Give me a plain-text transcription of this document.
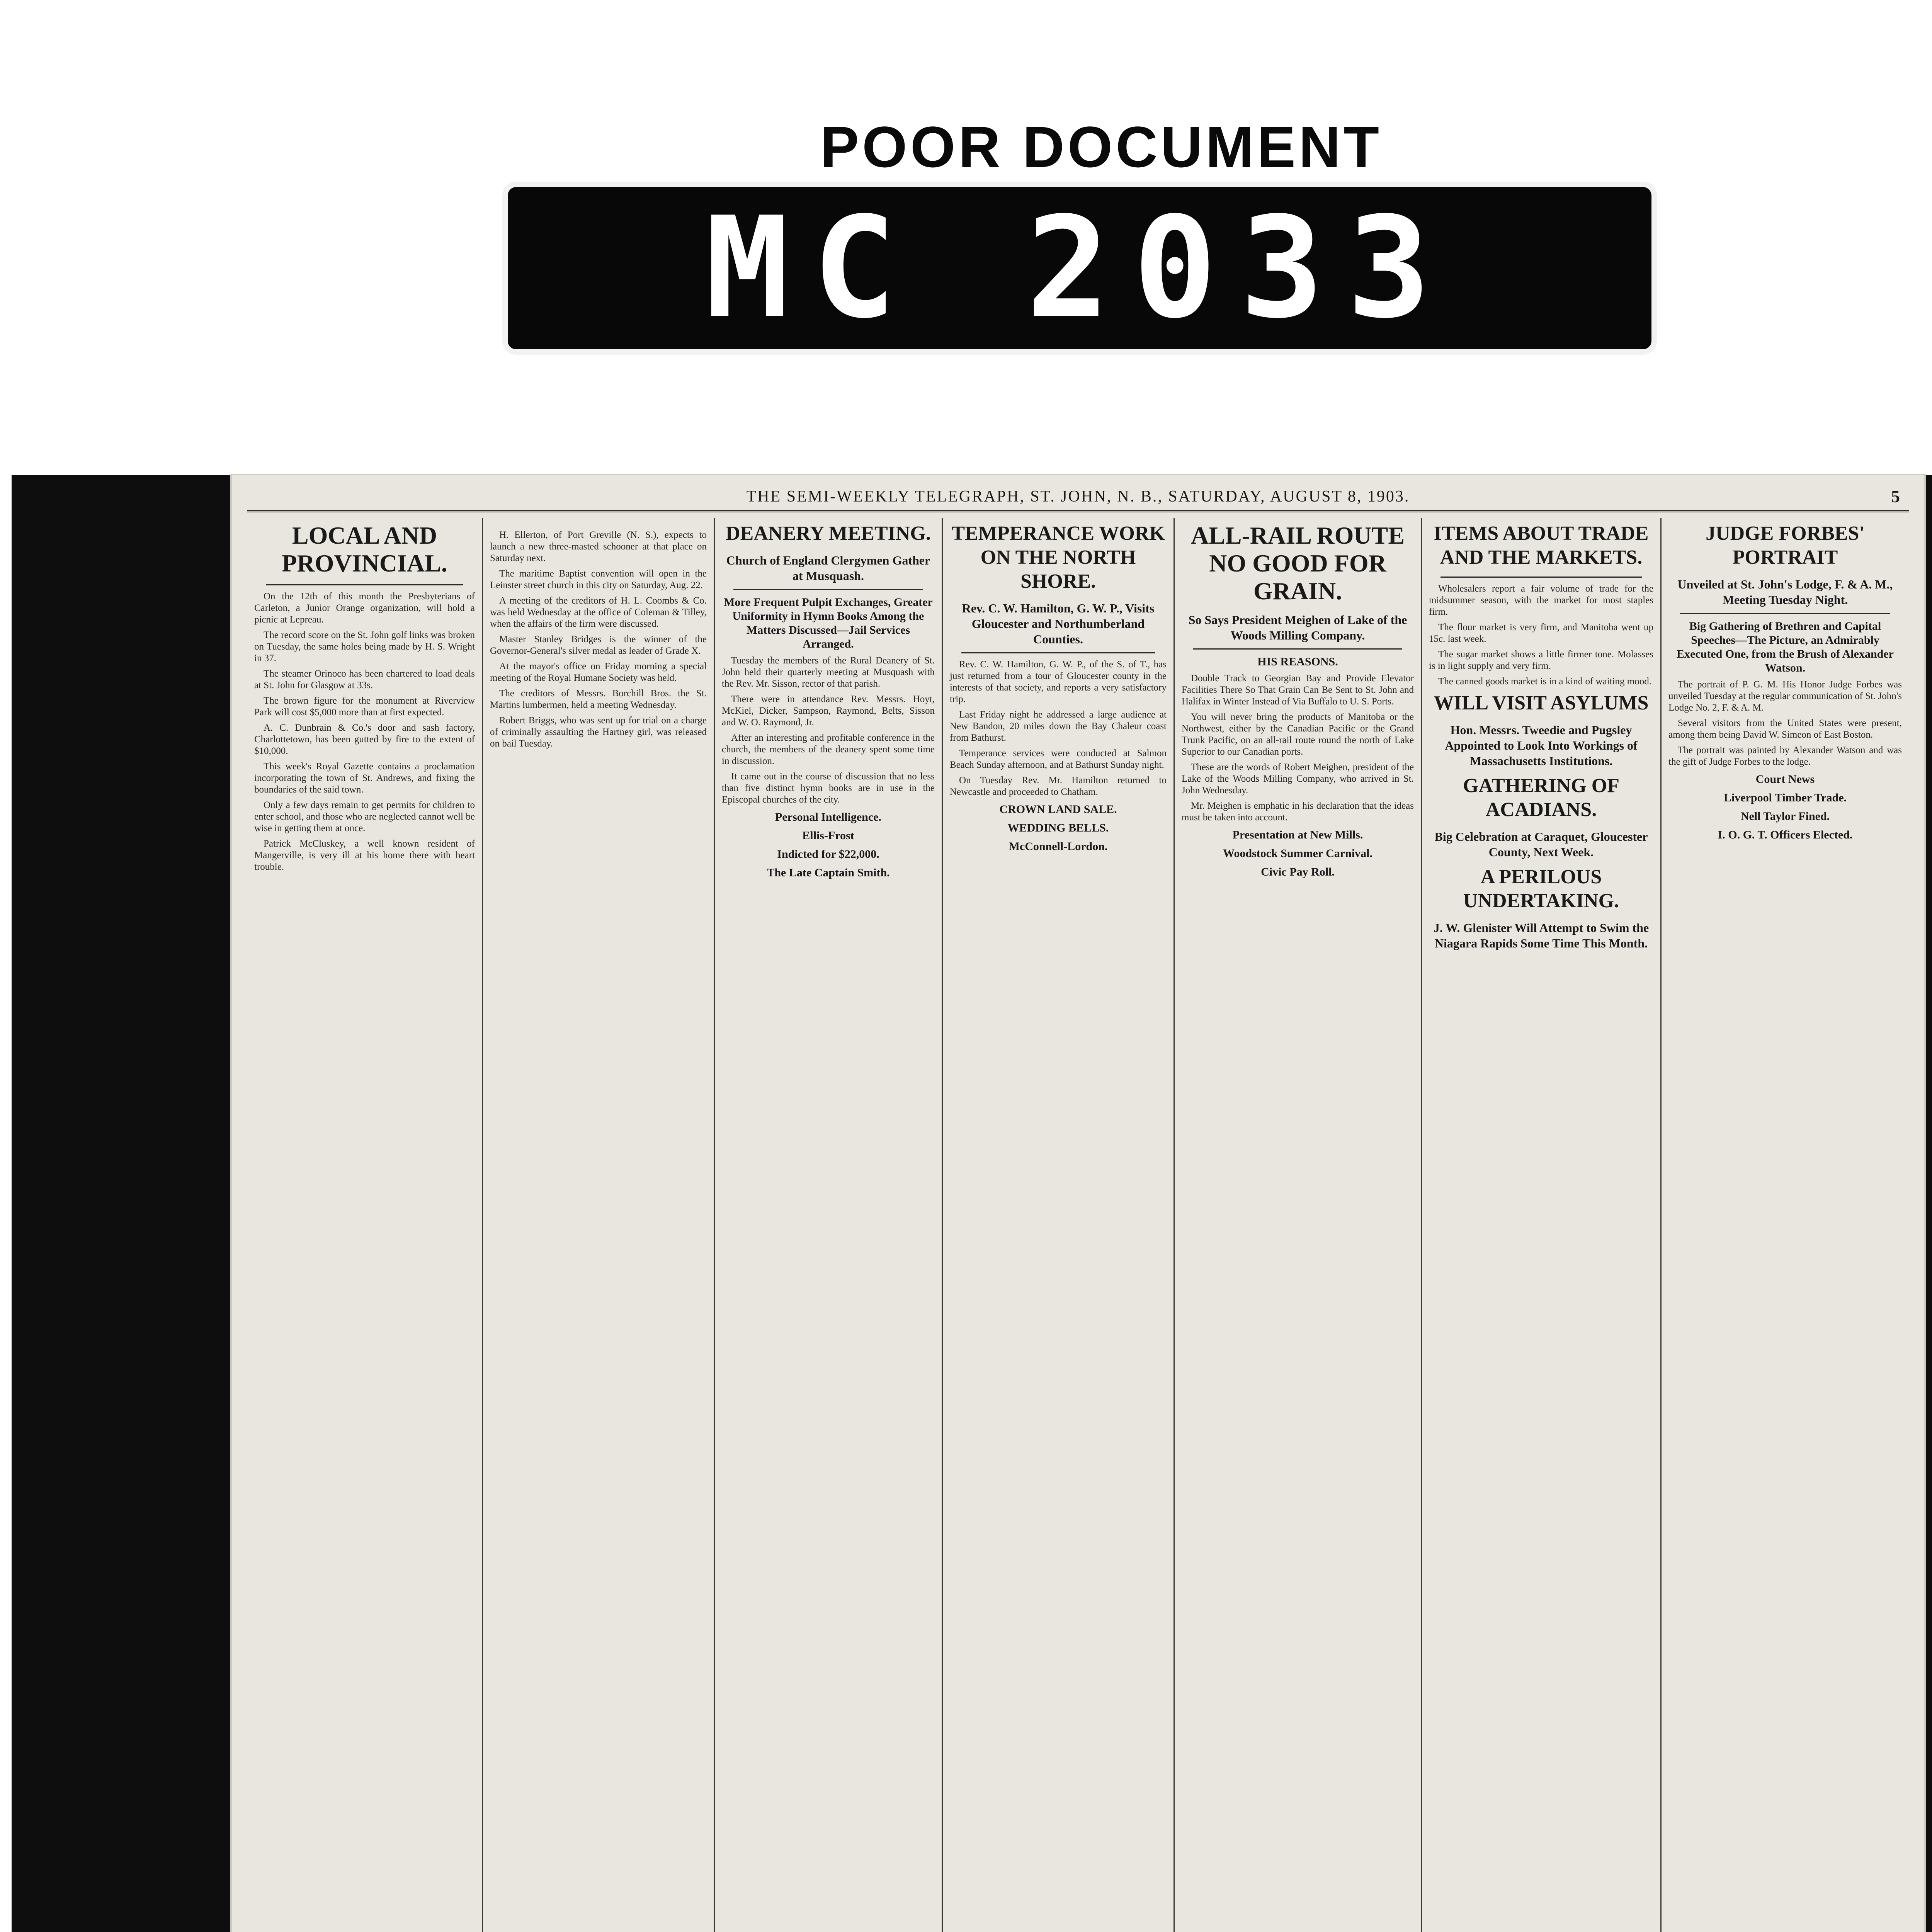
POOR DOCUMENT
MC 2033
THE SEMI-WEEKLY TELEGRAPH, ST. JOHN, N. B., SATURDAY, AUGUST 8, 1903.	5
LOCAL AND PROVINCIAL.

On the 12th of this month the Presbyterians of Carleton, a Junior Orange organization, will hold a picnic at Lepreau.

The record score on the St. John golf links was broken on Tuesday, the same holes being made by H. S. Wright in 37.

The steamer Orinoco has been chartered to load deals at St. John for Glasgow at 33s.

The brown figure for the monument at Riverview Park will cost $5,000 more than at first expected.

A. C. Dunbrain & Co.'s door and sash factory, Charlottetown, has been gutted by fire to the extent of $10,000.

This week's Royal Gazette contains a proclamation incorporating the town of St. Andrews, and fixing the boundaries of the said town.

Only a few days remain to get permits for children to enter school, and those who are neglected cannot well be wise in getting them at once.

Patrick McCluskey, a well known resident of Mangerville, is very ill at his home there with heart trouble.

H. Ellerton, of Port Greville (N. S.), expects to launch a new three-masted schooner at that place on Saturday next.

The maritime Baptist convention will open in the Leinster street church in this city on Saturday, Aug. 22.

A meeting of the creditors of H. L. Coombs & Co. was held Wednesday at the office of Coleman & Tilley, when the affairs of the firm were discussed.

Master Stanley Bridges is the winner of the Governor-General's silver medal as leader of Grade X.

At the mayor's office on Friday morning a special meeting of the Royal Humane Society was held.

The creditors of Messrs. Borchill Bros. the St. Martins lumbermen, held a meeting Wednesday.

Robert Briggs, who was sent up for trial on a charge of criminally assaulting the Hartney girl, was released on bail Tuesday.

DEANERY MEETING.
Church of England Clergymen Gather at Musquash.
More Frequent Pulpit Exchanges, Greater Uniformity in Hymn Books Among the Matters Discussed—Jail Services Arranged.

Tuesday the members of the Rural Deanery of St. John held their quarterly meeting at Musquash with the Rev. Mr. Sisson, rector of that parish.

There were in attendance Rev. Messrs. Hoyt, McKiel, Dicker, Sampson, Raymond, Belts, Sisson and W. O. Raymond, Jr.

After an interesting and profitable conference in the church, the members of the deanery spent some time in discussion.

It came out in the course of discussion that no less than five distinct hymn books are in use in the Episcopal churches of the city.

Personal Intelligence.
Ellis-Frost
Indicted for $22,000.
The Late Captain Smith.
TEMPERANCE WORK ON THE NORTH SHORE.
Rev. C. W. Hamilton, G. W. P., Visits Gloucester and Northumberland Counties.

Rev. C. W. Hamilton, G. W. P., of the S. of T., has just returned from a tour of Gloucester county in the interests of that society, and reports a very satisfactory trip.

Last Friday night he addressed a large audience at New Bandon, 20 miles down the Bay Chaleur coast from Bathurst.

Temperance services were conducted at Salmon Beach Sunday afternoon, and at Bathurst Sunday night.

On Tuesday Rev. Mr. Hamilton returned to Newcastle and proceeded to Chatham.

CROWN LAND SALE.
WEDDING BELLS.
McConnell-Lordon.
ALL-RAIL ROUTE NO GOOD FOR GRAIN.
So Says President Meighen of Lake of the Woods Milling Company.
HIS REASONS.

Double Track to Georgian Bay and Provide Elevator Facilities There So That Grain Can Be Sent to St. John and Halifax in Winter Instead of Via Buffalo to U. S. Ports.

You will never bring the products of Manitoba or the Northwest, either by the Canadian Pacific or the Grand Trunk Pacific, on an all-rail route round the north of Lake Superior to our Canadian ports.

These are the words of Robert Meighen, president of the Lake of the Woods Milling Company, who arrived in St. John Wednesday.

Mr. Meighen is emphatic in his declaration that the ideas must be taken into account.

Presentation at New Mills.
Woodstock Summer Carnival.
Civic Pay Roll.
ITEMS ABOUT TRADE AND THE MARKETS.

Wholesalers report a fair volume of trade for the midsummer season, with the market for most staples firm.

The flour market is very firm, and Manitoba went up 15c. last week.

The sugar market shows a little firmer tone. Molasses is in light supply and very firm.

The canned goods market is in a kind of waiting mood.

WILL VISIT ASYLUMS
Hon. Messrs. Tweedie and Pugsley Appointed to Look Into Workings of Massachusetts Institutions.
GATHERING OF ACADIANS.
Big Celebration at Caraquet, Gloucester County, Next Week.
A PERILOUS UNDERTAKING.
J. W. Glenister Will Attempt to Swim the Niagara Rapids Some Time This Month.
JUDGE FORBES' PORTRAIT
Unveiled at St. John's Lodge, F. & A. M., Meeting Tuesday Night.
Big Gathering of Brethren and Capital Speeches—The Picture, an Admirably Executed One, from the Brush of Alexander Watson.

The portrait of P. G. M. His Honor Judge Forbes was unveiled Tuesday at the regular communication of St. John's Lodge No. 2, F. & A. M.

Several visitors from the United States were present, among them being David W. Simeon of East Boston.

The portrait was painted by Alexander Watson and was the gift of Judge Forbes to the lodge.

Court News
Liverpool Timber Trade.
Nell Taylor Fined.
I. O. G. T. Officers Elected.
